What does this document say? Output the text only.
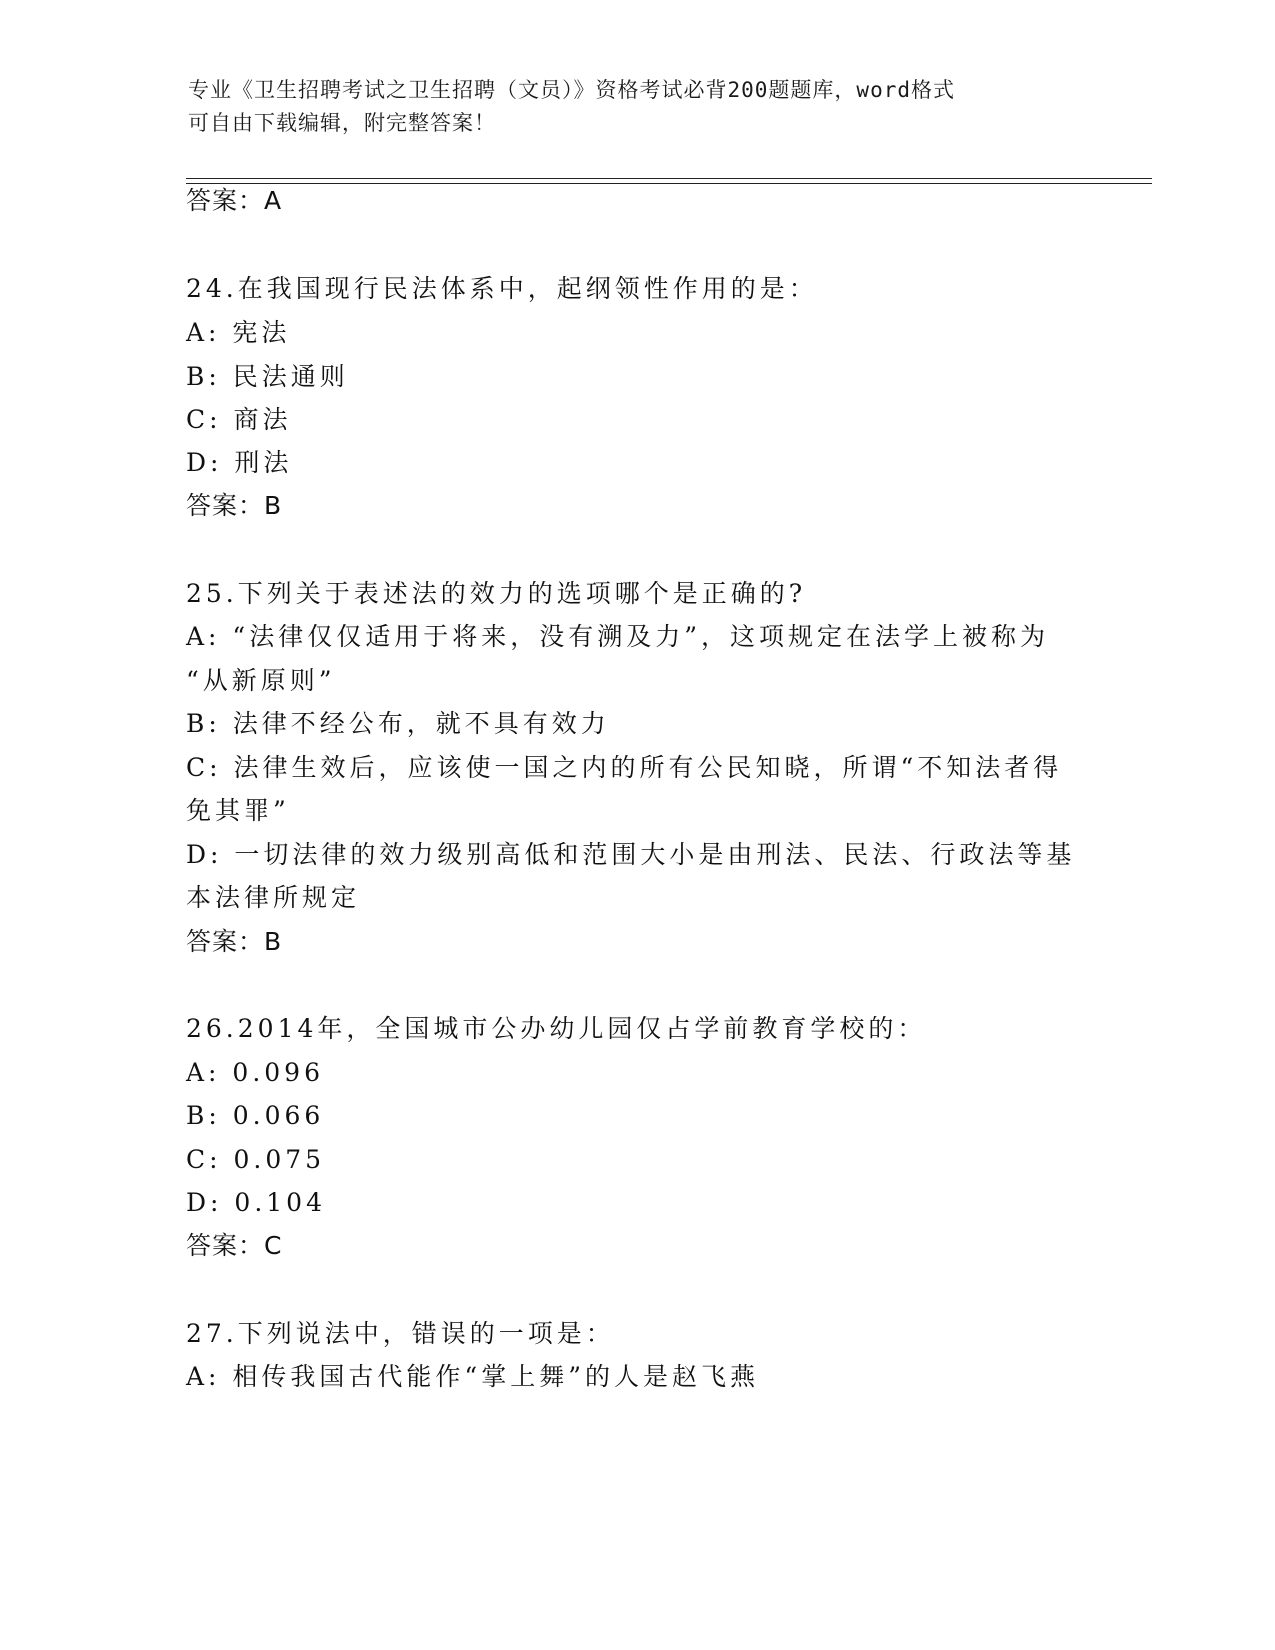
专业《卫生招聘考试之卫生招聘（文员）》资格考试必背200题题库，word格式
可自由下载编辑，附完整答案！
答案：A
24.在我国现行民法体系中，起纲领性作用的是：
A: 宪法
B: 民法通则
C: 商法
D: 刑法
答案：B
25.下列关于表述法的效力的选项哪个是正确的?
A: “法律仅仅适用于将来，没有溯及力”，这项规定在法学上被称为
“从新原则”
B: 法律不经公布，就不具有效力
C: 法律生效后，应该使一国之内的所有公民知晓，所谓“不知法者得
免其罪”
D: 一切法律的效力级别高低和范围大小是由刑法、民法、行政法等基
本法律所规定
答案：B
26.2014年，全国城市公办幼儿园仅占学前教育学校的：
A: 0.096
B: 0.066
C: 0.075
D: 0.104
答案：C
27.下列说法中，错误的一项是：
A: 相传我国古代能作“掌上舞”的人是赵飞燕
